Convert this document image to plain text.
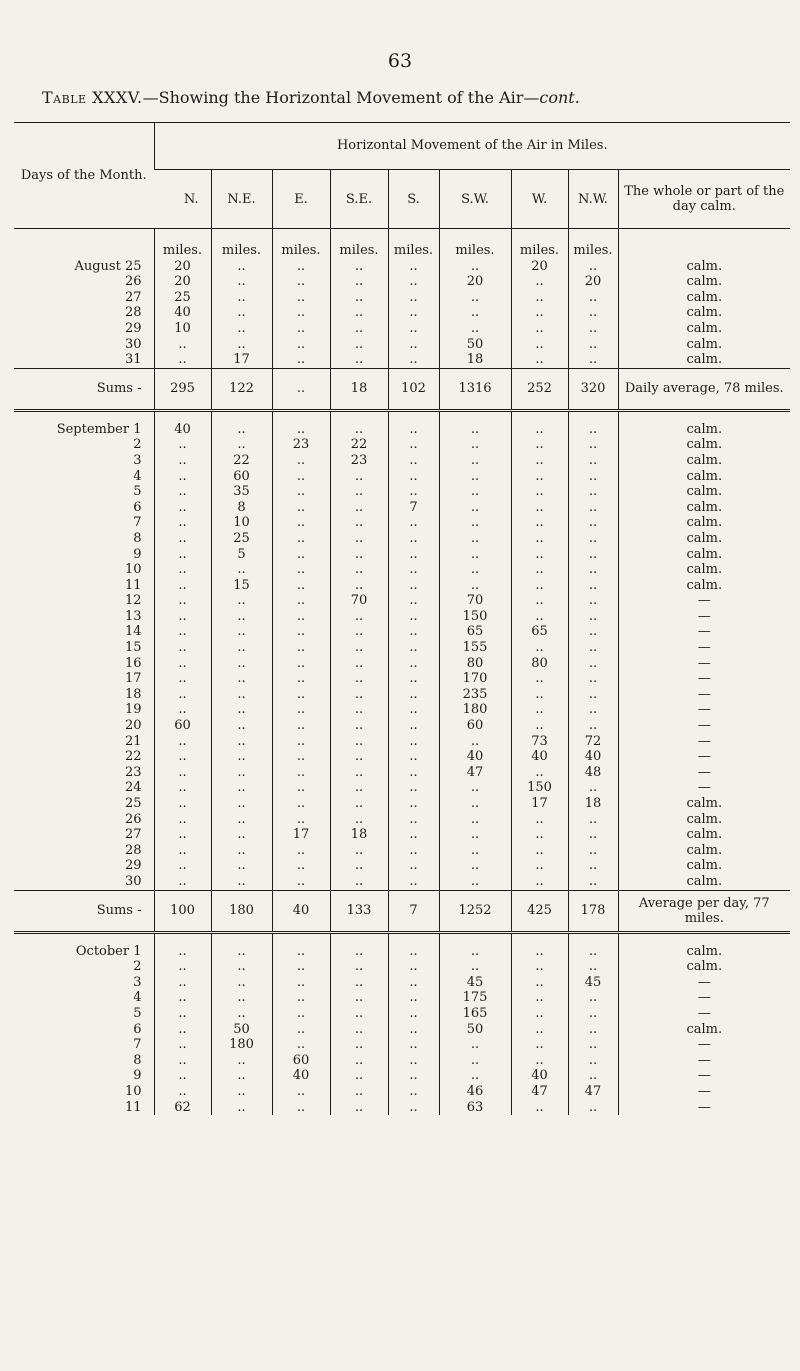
63
Table XXXV.—Showing the Horizontal Movement of the Air—cont.
Days of the Month.	Horizontal Movement of the Air in Miles.								
	N.	N.E.	E.	S.E.	S.	S.W.	W.	N.W.	The whole or part of the day calm.
	miles.	miles.	miles.	miles.	miles.	miles.	miles.	miles.	
August 25	20	..	..	..	..	..	20	..	calm.
26	20	..	..	..	..	20	..	20	calm.
27	25	..	..	..	..	..	..	..	calm.
28	40	..	..	..	..	..	..	..	calm.
29	10	..	..	..	..	..	..	..	calm.
30	..	..	..	..	..	50	..	..	calm.
31	..	17	..	..	..	18	..	..	calm.
Sums -	295	122	..	18	102	1316	252	320	Daily average, 78 miles.

September 1	40	..	..	..	..	..	..	..	calm.
2	..	..	23	22	..	..	..	..	calm.
3	..	22	..	23	..	..	..	..	calm.
4	..	60	..	..	..	..	..	..	calm.
5	..	35	..	..	..	..	..	..	calm.
6	..	8	..	..	7	..	..	..	calm.
7	..	10	..	..	..	..	..	..	calm.
8	..	25	..	..	..	..	..	..	calm.
9	..	5	..	..	..	..	..	..	calm.
10	..	..	..	..	..	..	..	..	calm.
11	..	15	..	..	..	..	..	..	calm.
12	..	..	..	70	..	70	..	..	—
13	..	..	..	..	..	150	..	..	—
14	..	..	..	..	..	65	65	..	—
15	..	..	..	..	..	155	..	..	—
16	..	..	..	..	..	80	80	..	—
17	..	..	..	..	..	170	..	..	—
18	..	..	..	..	..	235	..	..	—
19	..	..	..	..	..	180	..	..	—
20	60	..	..	..	..	60	..	..	—
21	..	..	..	..	..	..	73	72	—
22	..	..	..	..	..	40	40	40	—
23	..	..	..	..	..	47	..	48	—
24	..	..	..	..	..	..	150	..	—
25	..	..	..	..	..	..	17	18	calm.
26	..	..	..	..	..	..	..	..	calm.
27	..	..	17	18	..	..	..	..	calm.
28	..	..	..	..	..	..	..	..	calm.
29	..	..	..	..	..	..	..	..	calm.
30	..	..	..	..	..	..	..	..	calm.
Sums -	100	180	40	133	7	1252	425	178	Average per day, 77 miles.

October 1	..	..	..	..	..	..	..	..	calm.
2	..	..	..	..	..	..	..	..	calm.
3	..	..	..	..	..	45	..	45	—
4	..	..	..	..	..	175	..	..	—
5	..	..	..	..	..	165	..	..	—
6	..	50	..	..	..	50	..	..	calm.
7	..	180	..	..	..	..	..	..	—
8	..	..	60	..	..	..	..	..	—
9	..	..	40	..	..	..	40	..	—
10	..	..	..	..	..	46	47	47	—
11	62	..	..	..	..	63	..	..	—
